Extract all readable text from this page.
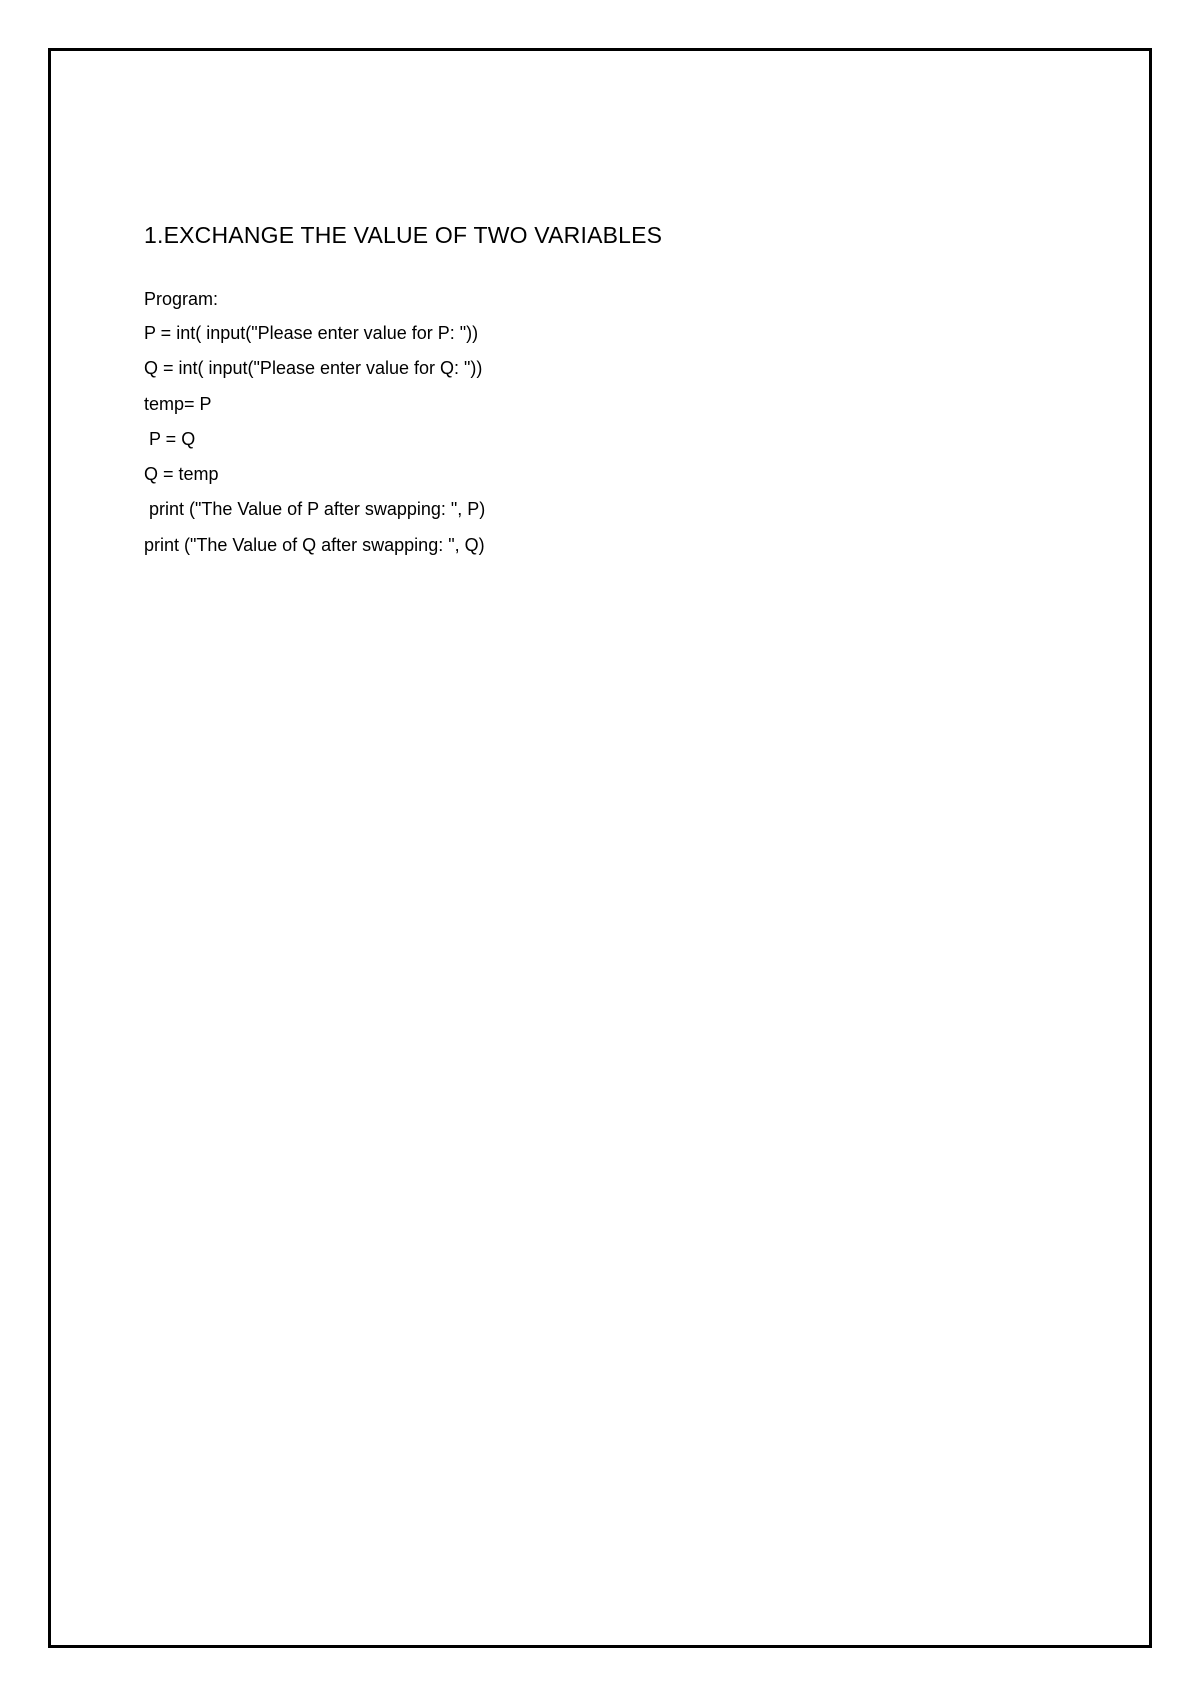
1.EXCHANGE THE VALUE OF TWO VARIABLES
Program:
P = int( input("Please enter value for P: "))
Q = int( input("Please enter value for Q: "))
temp= P
P = Q
Q = temp
print ("The Value of P after swapping: ", P)
print ("The Value of Q after swapping: ", Q)
